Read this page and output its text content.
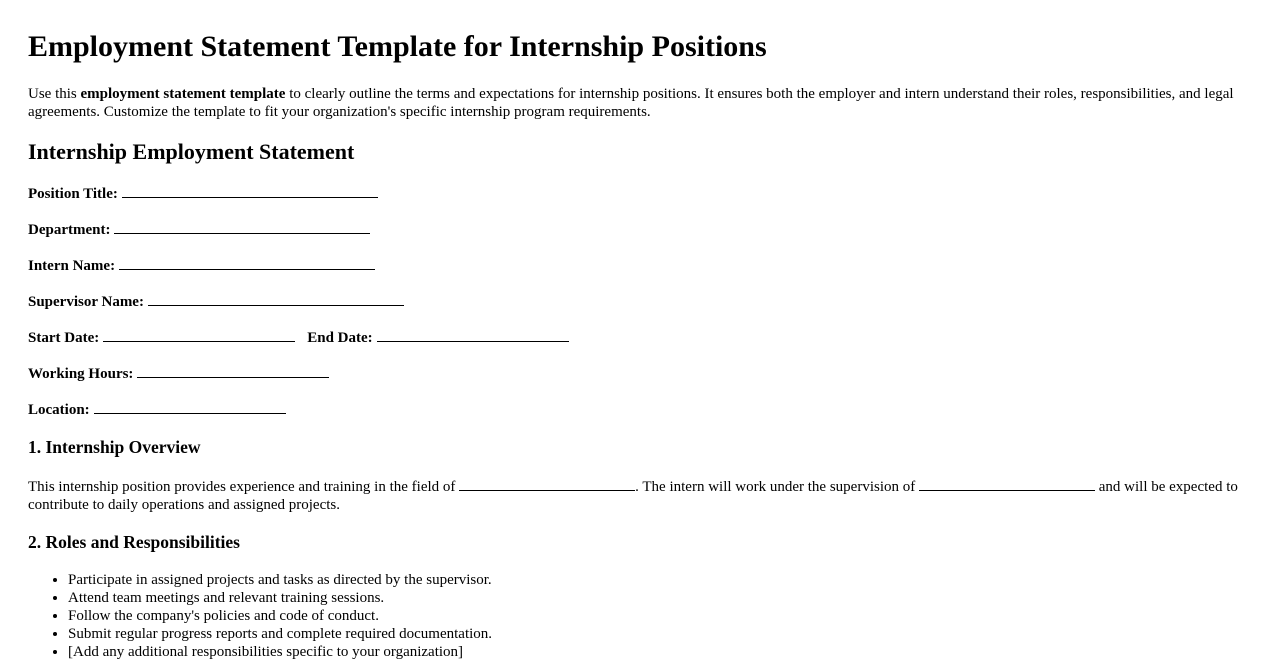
Employment Statement Template for Internship Positions

Use this employment statement template to clearly outline the terms and expectations for internship positions. It ensures both the employer and intern understand their roles, responsibilities, and legal agreements. Customize the template to fit your organization's specific internship program requirements.

Internship Employment Statement
Position Title:
Department:
Intern Name:
Supervisor Name:
Start Date:	End Date:
Working Hours:
Location:
1. Internship Overview

This internship position provides experience and training in the field of	. The intern will work under the supervision of	and will be expected to contribute to daily operations and assigned projects.

2. Roles and Responsibilities
• Participate in assigned projects and tasks as directed by the supervisor.
• Attend team meetings and relevant training sessions.
• Follow the company's policies and code of conduct.
• Submit regular progress reports and complete required documentation.
• [Add any additional responsibilities specific to your organization]
